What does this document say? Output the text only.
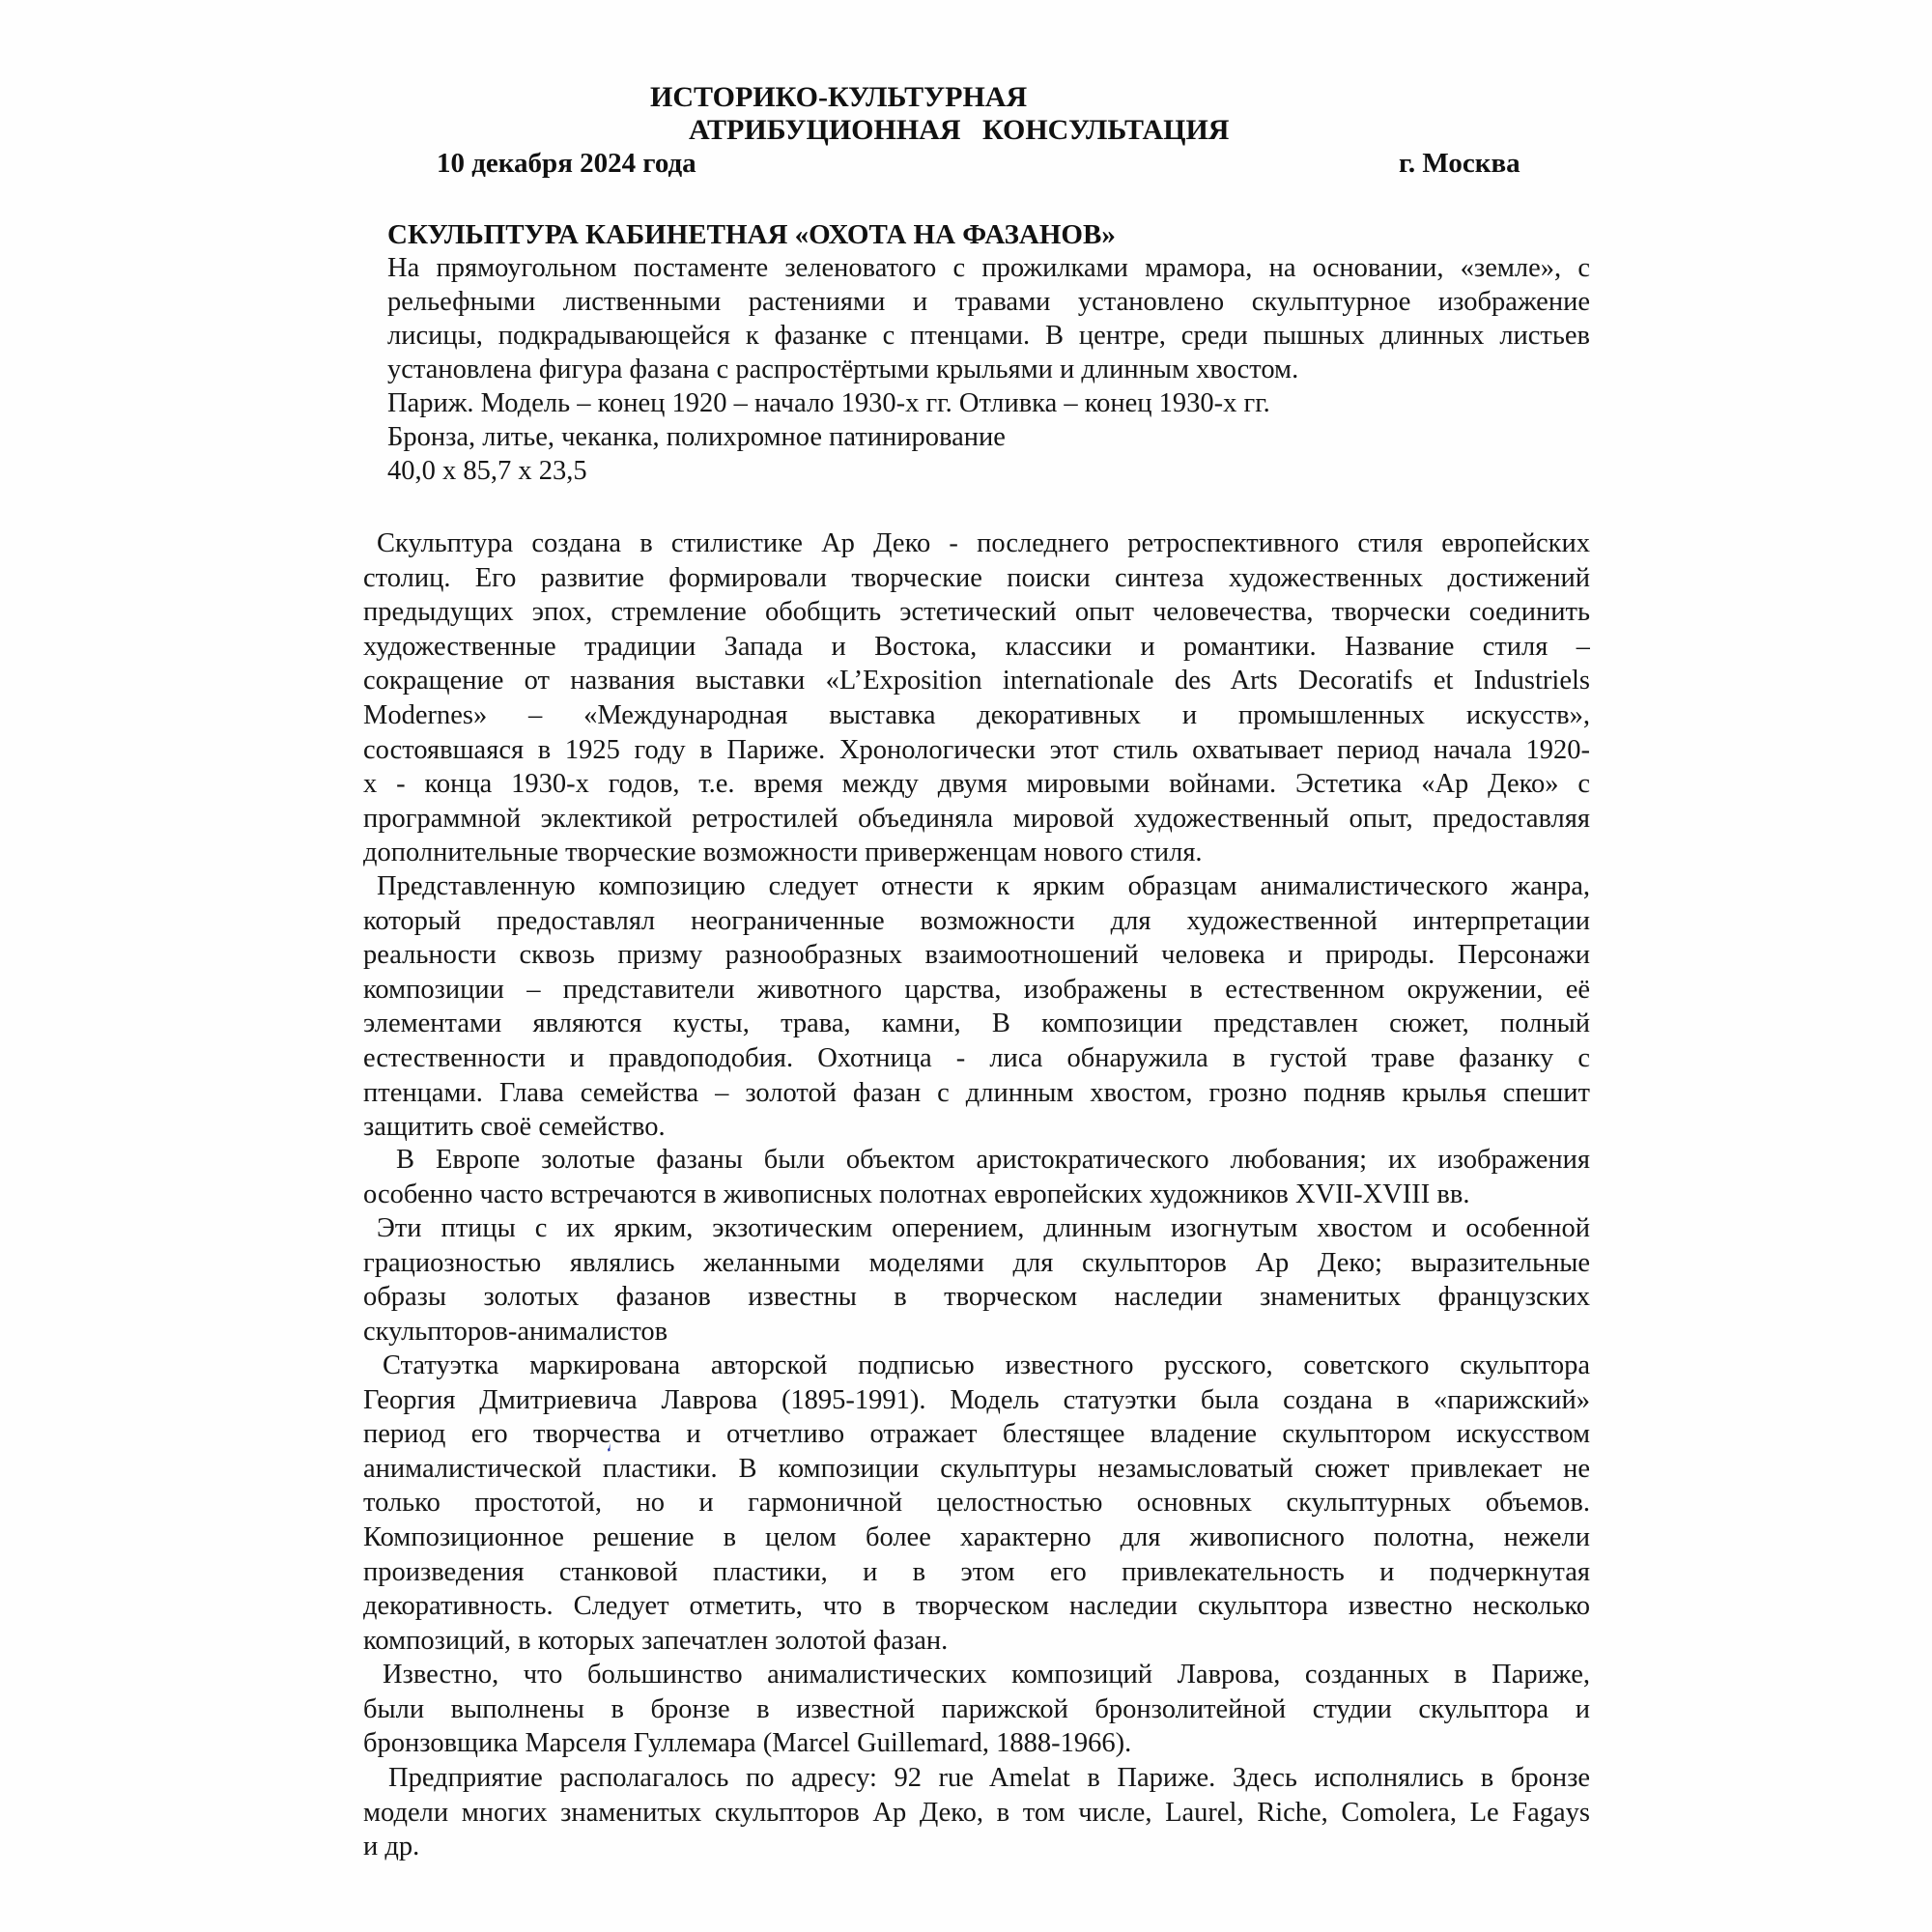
ИСТОРИКО-КУЛЬТУРНАЯ
АТРИБУЦИОННАЯ   КОНСУЛЬТАЦИЯ
10 декабря 2024 года	г. Москва
СКУЛЬПТУРА КАБИНЕТНАЯ «ОХОТА НА ФАЗАНОВ»
На прямоугольном постаменте зеленоватого с прожилками мрамора, на основании, «земле», с
рельефными лиственными растениями и травами установлено скульптурное изображение
лисицы, подкрадывающейся к фазанке с птенцами. В центре, среди пышных длинных листьев
установлена фигура фазана с распростёртыми крыльями и длинным хвостом.
Париж. Модель – конец 1920 – начало 1930-х гг. Отливка – конец 1930-х гг.
Бронза, литье, чеканка, полихромное патинирование
40,0 х 85,7 х 23,5
Скульптура создана в стилистике Ар Деко - последнего ретроспективного стиля европейских
столиц. Его развитие формировали творческие поиски синтеза художественных достижений
предыдущих эпох, стремление обобщить эстетический опыт человечества, творчески соединить
художественные традиции Запада и Востока, классики и романтики. Название стиля –
сокращение от названия выставки «L’Exposition internationale des Arts Decoratifs et Industriels
Modernes» – «Международная выставка декоративных и промышленных искусств»,
состоявшаяся в 1925 году в Париже. Хронологически этот стиль охватывает период начала 1920-
х - конца 1930-х годов, т.е. время между двумя мировыми войнами. Эстетика «Ар Деко» с
программной эклектикой ретростилей объединяла мировой художественный опыт, предоставляя
дополнительные творческие возможности приверженцам нового стиля.
Представленную композицию следует отнести к ярким образцам анималистического жанра,
который предоставлял неограниченные возможности для художественной интерпретации
реальности сквозь призму разнообразных взаимоотношений человека и природы. Персонажи
композиции – представители животного царства, изображены в естественном окружении, её
элементами являются кусты, трава, камни, В композиции представлен сюжет, полный
естественности и правдоподобия. Охотница - лиса обнаружила в густой траве фазанку с
птенцами. Глава семейства – золотой фазан с длинным хвостом, грозно подняв крылья спешит
защитить своё семейство.
В Европе золотые фазаны были объектом аристократического любования; их изображения
особенно часто встречаются в живописных полотнах европейских художников XVII-XVIII вв.
Эти птицы с их ярким, экзотическим оперением, длинным изогнутым хвостом и особенной
грациозностью являлись желанными моделями для скульпторов Ар Деко; выразительные
образы золотых фазанов известны в творческом наследии знаменитых французских
скульпторов-анималистов
Статуэтка маркирована авторской подписью известного русского, советского скульптора
Георгия Дмитриевича Лаврова (1895-1991). Модель статуэтки была создана в «парижский»
период его творчества и отчетливо отражает блестящее владение скульптором искусством
анималистической пластики. В композиции скульптуры незамысловатый сюжет привлекает не
только простотой, но и гармоничной целостностью основных скульптурных объемов.
Композиционное решение в целом более характерно для живописного полотна, нежели
произведения станковой пластики, и в этом его привлекательность и подчеркнутая
декоративность. Следует отметить, что в творческом наследии скульптора известно несколько
композиций, в которых запечатлен золотой фазан.
Известно, что большинство анималистических композиций Лаврова, созданных в Париже,
были выполнены в бронзе в известной парижской бронзолитейной студии скульптора и
бронзовщика Марселя Гуллемара (Marcel Guillemard, 1888-1966).
Предприятие располагалось по адресу: 92 rue Amelat в Париже. Здесь исполнялись в бронзе
модели многих знаменитых скульпторов Ар Деко, в том числе, Laurel, Riche, Comolera, Le Fagays
и др.
